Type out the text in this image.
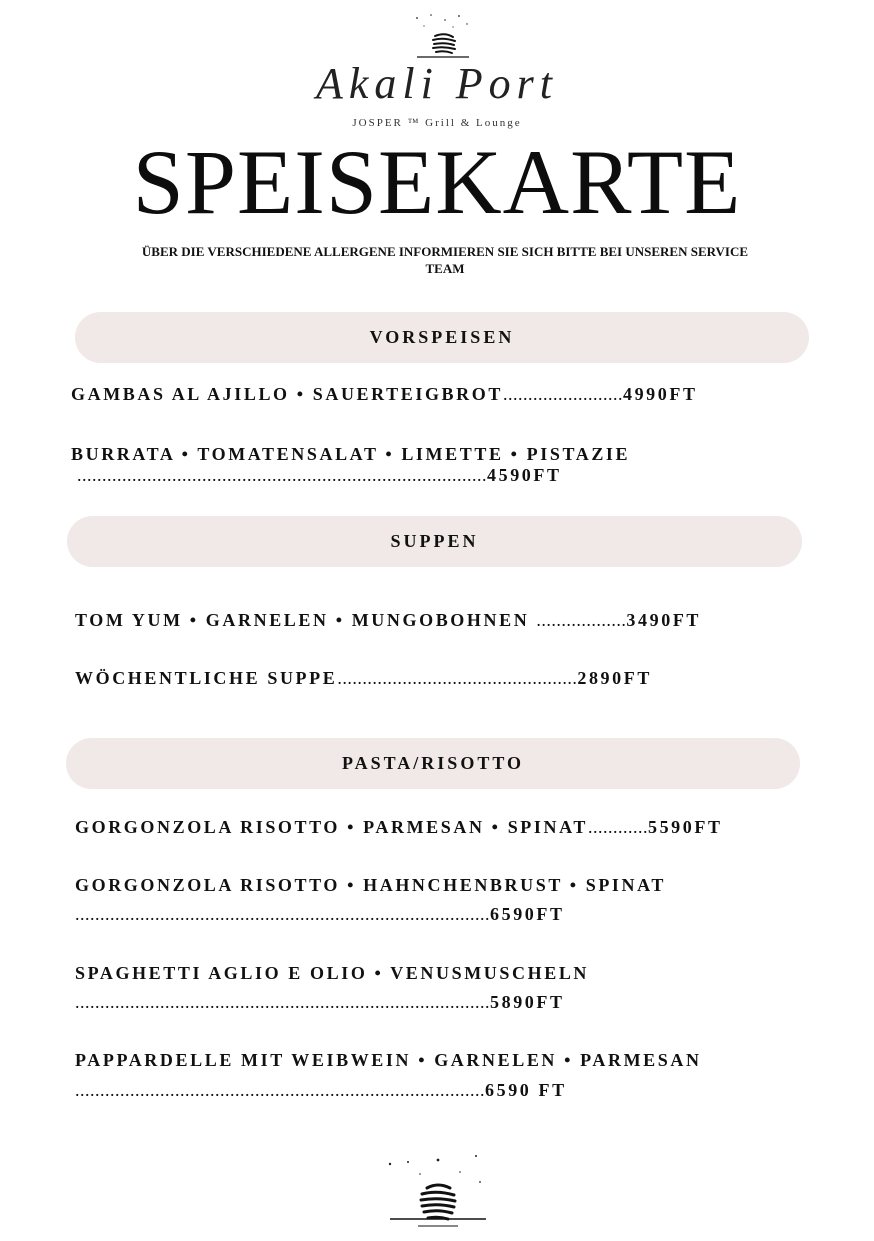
Akali Port
JOSPER ™ Grill & Lounge
SPEISEKARTE
ÜBER DIE VERSCHIEDENE ALLERGENE INFORMIEREN SIE SICH BITTE BEI UNSEREN SERVICE
TEAM
VORSPEISEN
GAMBAS AL AJILLO • SAUERTEIGBROT........................4990FT
BURRATA • TOMATENSALAT • LIMETTE • PISTAZIE
..................................................................................4590FT
SUPPEN
TOM YUM • GARNELEN • MUNGOBOHNEN ..................3490FT
WÖCHENTLICHE SUPPE................................................2890FT
PASTA/RISOTTO
GORGONZOLA RISOTTO • PARMESAN • SPINAT............5590FT
GORGONZOLA RISOTTO • HAHNCHENBRUST • SPINAT
...................................................................................6590FT
SPAGHETTI AGLIO E OLIO • VENUSMUSCHELN
...................................................................................5890FT
PAPPARDELLE MIT WEIBWEIN • GARNELEN • PARMESAN
..................................................................................6590 FT
